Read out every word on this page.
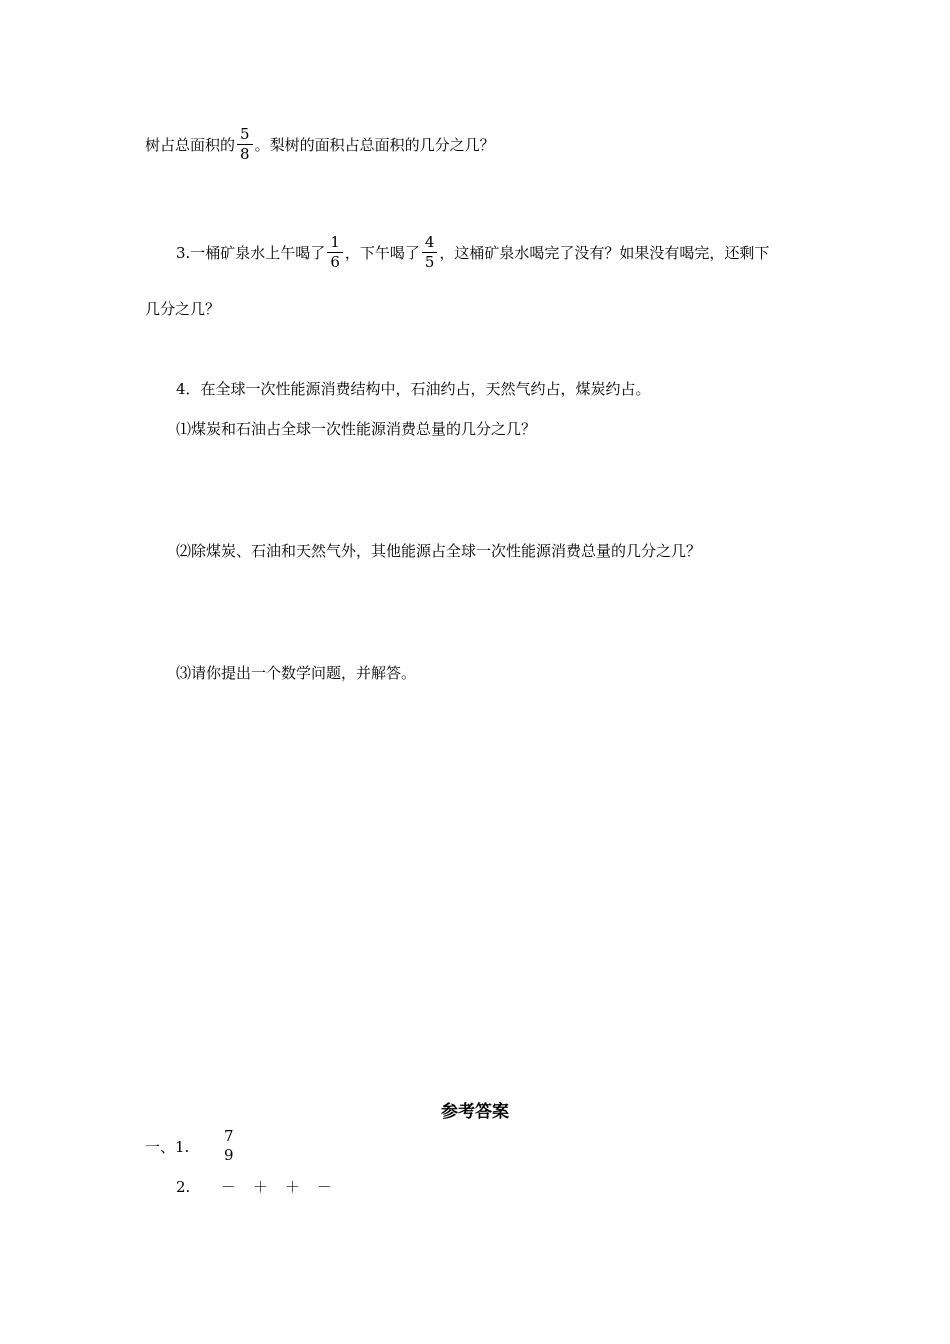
树占总面积的 $\frac{5}{8}$ 。梨树的面积占总面积的几分之几？
3.一桶矿泉水上午喝了 $\frac{1}{6}$ ，下午喝了 $\frac{4}{5}$ ，这桶矿泉水喝完了没有？如果没有喝完，还剩下
几分之几？
4．在全球一次性能源消费结构中，石油约占，天然气约占，煤炭约占。
⑴煤炭和石油占全球一次性能源消费总量的几分之几？
⑵除煤炭、石油和天然气外，其他能源占全球一次性能源消费总量的几分之几？
⑶请你提出一个数学问题，并解答。
参考答案
一、1.
7
9
2.	－	＋	＋	－
